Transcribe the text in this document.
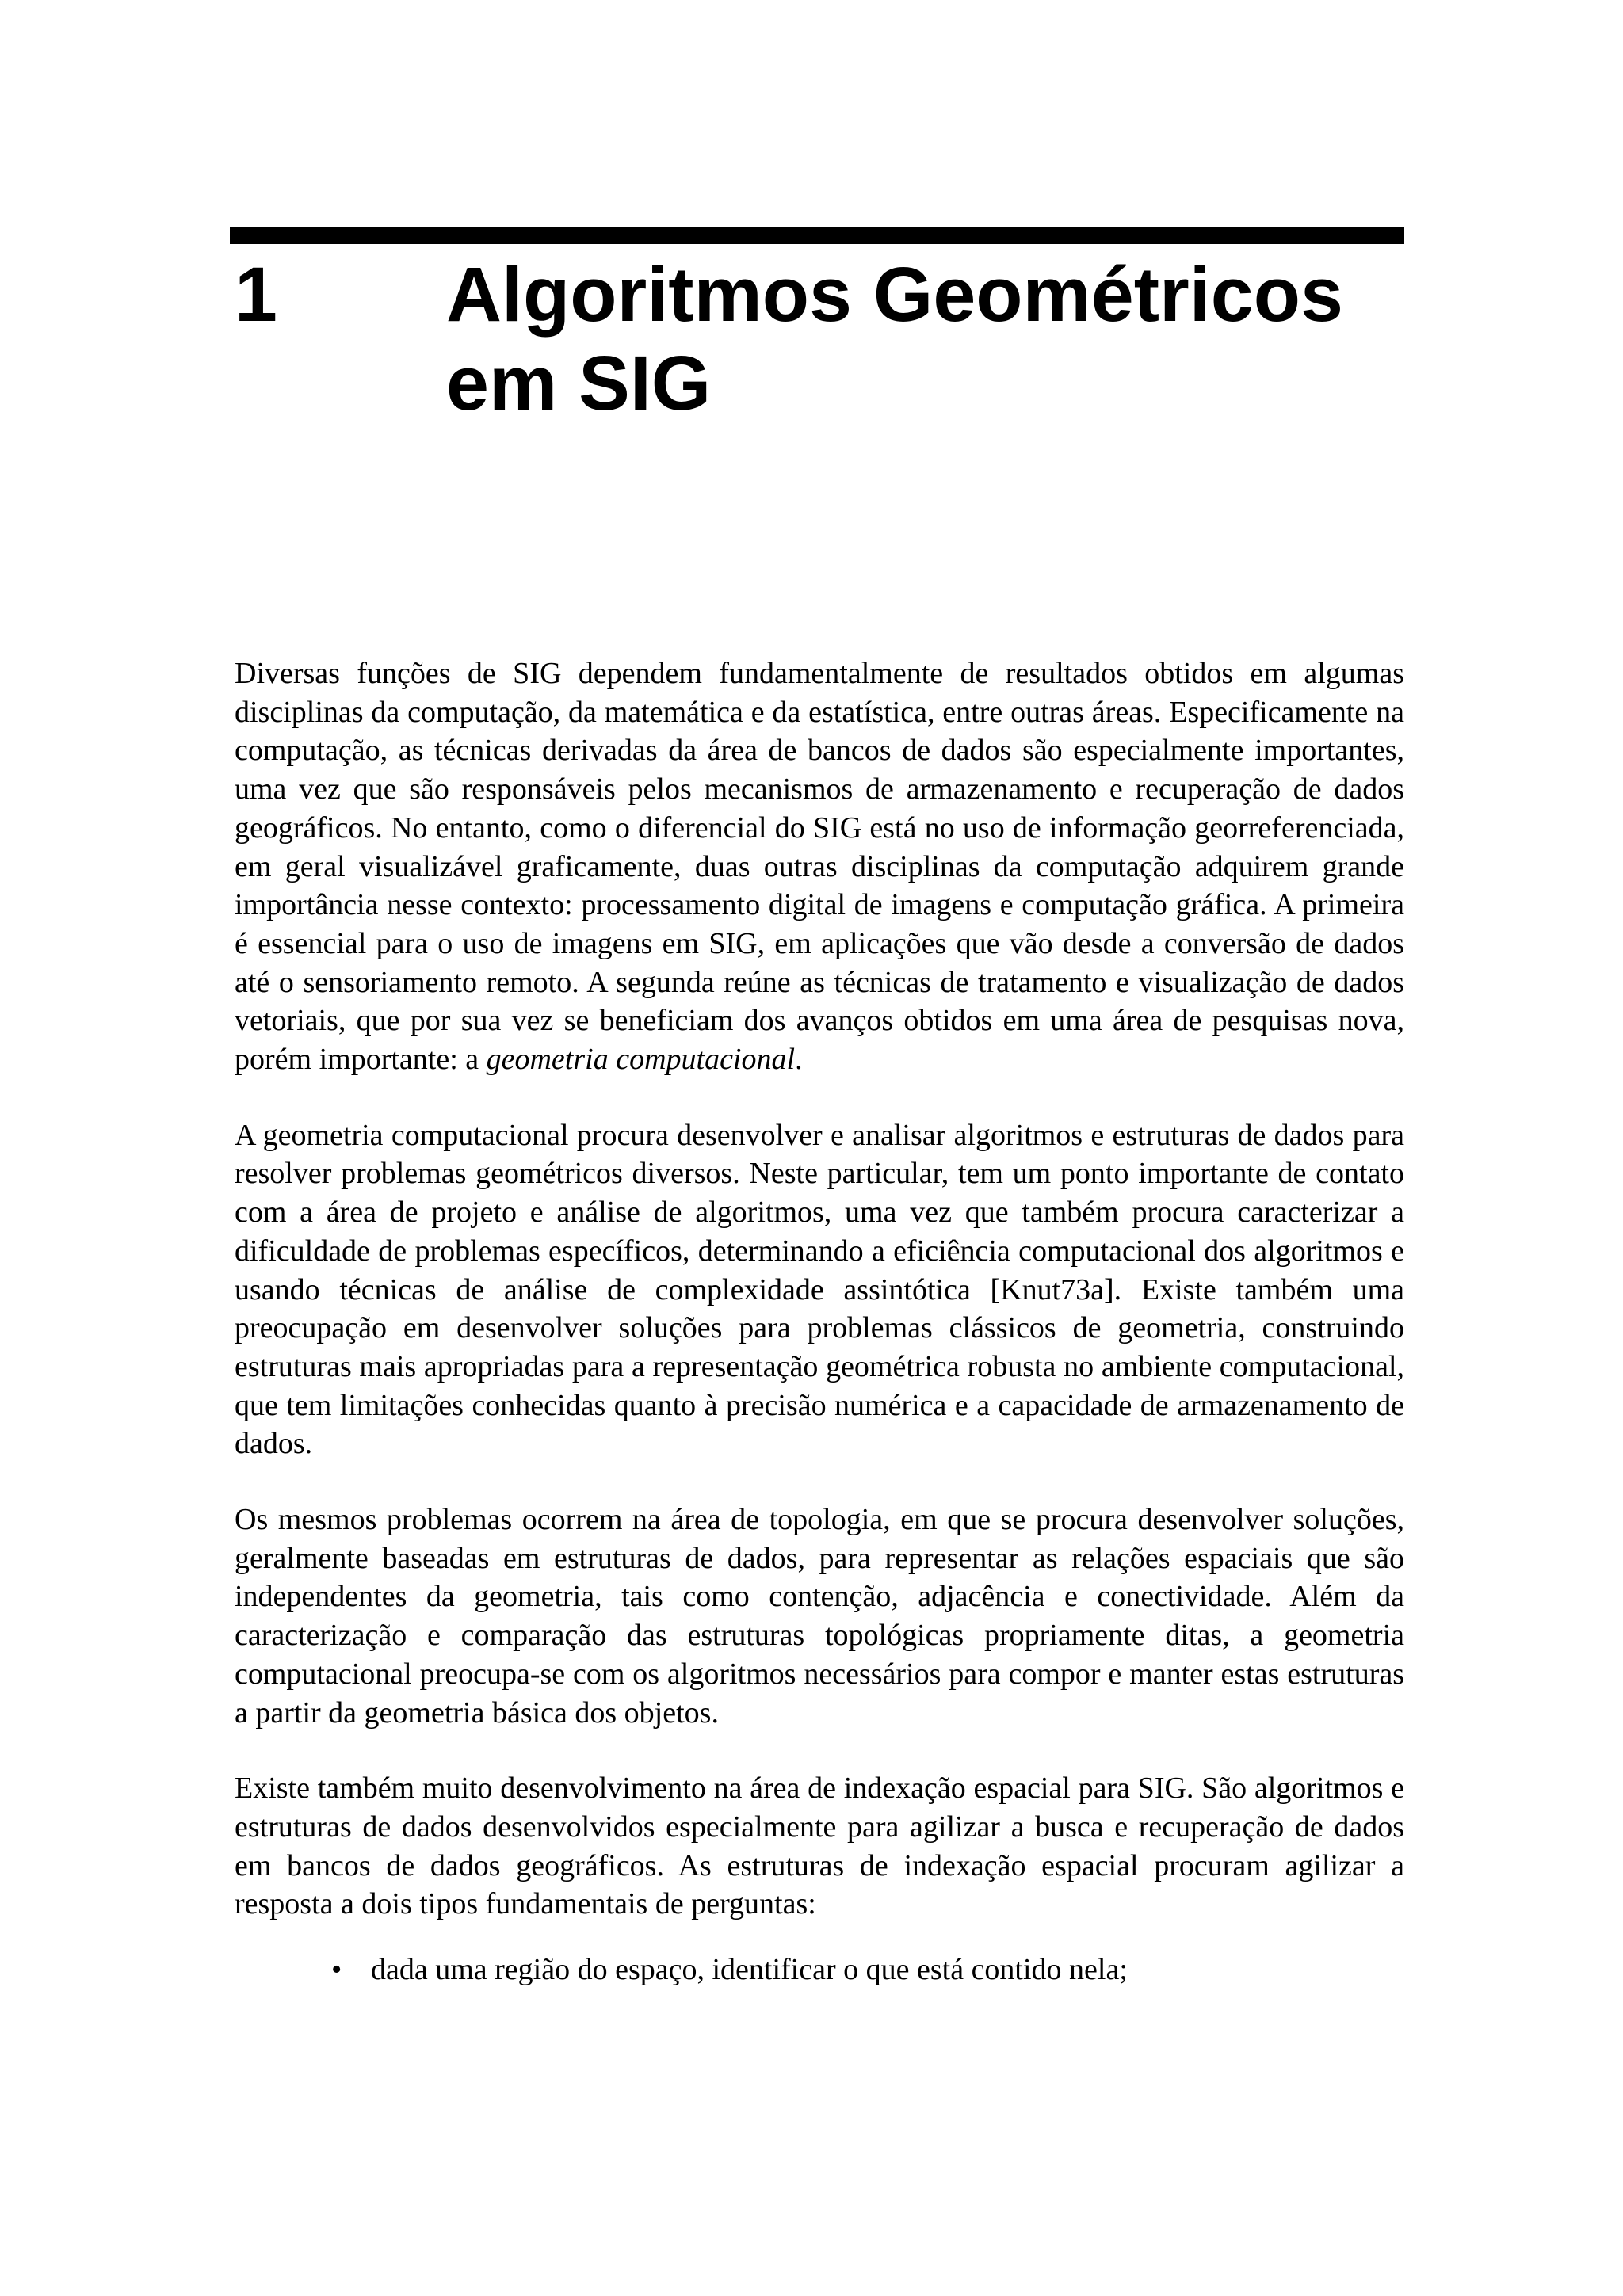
1 Algoritmos Geométricos
em SIG

Diversas funções de SIG dependem fundamentalmente de resultados obtidos em algumas disciplinas da computação, da matemática e da estatística, entre outras áreas. Especificamente na computação, as técnicas derivadas da área de bancos de dados são especialmente importantes, uma vez que são responsáveis pelos mecanismos de armazenamento e recuperação de dados geográficos. No entanto, como o diferencial do SIG está no uso de informação georreferenciada, em geral visualizável graficamente, duas outras disciplinas da computação adquirem grande importância nesse contexto: processamento digital de imagens e computação gráfica. A primeira é essencial para o uso de imagens em SIG, em aplicações que vão desde a conversão de dados até o sensoriamento remoto. A segunda reúne as técnicas de tratamento e visualização de dados vetoriais, que por sua vez se beneficiam dos avanços obtidos em uma área de pesquisas nova, porém importante: a geometria computacional.

A geometria computacional procura desenvolver e analisar algoritmos e estruturas de dados para resolver problemas geométricos diversos. Neste particular, tem um ponto importante de contato com a área de projeto e análise de algoritmos, uma vez que também procura caracterizar a dificuldade de problemas específicos, determinando a eficiência computacional dos algoritmos e usando técnicas de análise de complexidade assintótica [Knut73a]. Existe também uma preocupação em desenvolver soluções para problemas clássicos de geometria, construindo estruturas mais apropriadas para a representação geométrica robusta no ambiente computacional, que tem limitações conhecidas quanto à precisão numérica e a capacidade de armazenamento de dados.

Os mesmos problemas ocorrem na área de topologia, em que se procura desenvolver soluções, geralmente baseadas em estruturas de dados, para representar as relações espaciais que são independentes da geometria, tais como contenção, adjacência e conectividade. Além da caracterização e comparação das estruturas topológicas propriamente ditas, a geometria computacional preocupa-se com os algoritmos necessários para compor e manter estas estruturas a partir da geometria básica dos objetos.

Existe também muito desenvolvimento na área de indexação espacial para SIG. São algoritmos e estruturas de dados desenvolvidos especialmente para agilizar a busca e recuperação de dados em bancos de dados geográficos. As estruturas de indexação espacial procuram agilizar a resposta a dois tipos fundamentais de perguntas:

• dada uma região do espaço, identificar o que está contido nela;
